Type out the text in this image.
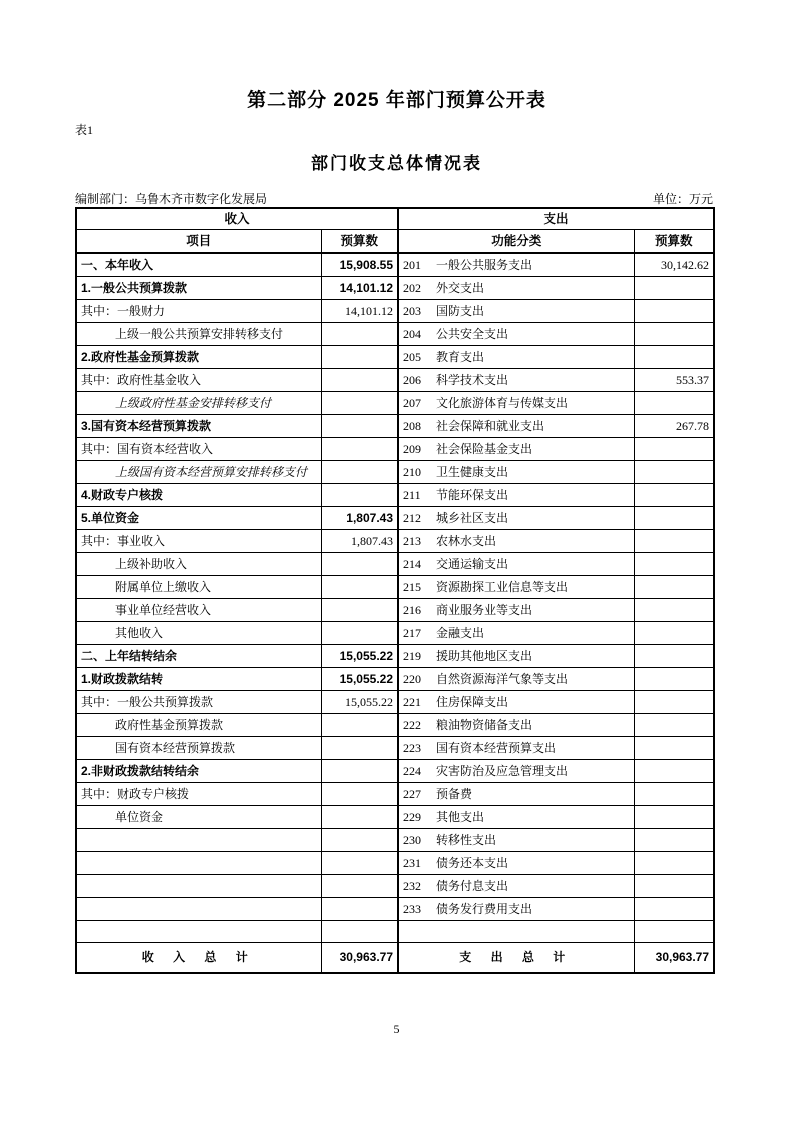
第二部分 2025 年部门预算公开表
表1
部门收支总体情况表
编制部门：乌鲁木齐市数字化发展局	单位：万元
收入		支出	
项目	预算数	功能分类	预算数
一、本年收入	15,908.55	201 一般公共服务支出	30,142.62
1.一般公共预算拨款	14,101.12	202 外交支出	
其中：一般财力	14,101.12	203 国防支出	
上级一般公共预算安排转移支付		204 公共安全支出	
2.政府性基金预算拨款		205 教育支出	
其中：政府性基金收入		206 科学技术支出	553.37
上级政府性基金安排转移支付		207 文化旅游体育与传媒支出	
3.国有资本经营预算拨款		208 社会保障和就业支出	267.78
其中：国有资本经营收入		209 社会保险基金支出	
上级国有资本经营预算安排转移支付		210 卫生健康支出	
4.财政专户核拨		211 节能环保支出	
5.单位资金	1,807.43	212 城乡社区支出	
其中：事业收入	1,807.43	213 农林水支出	
上级补助收入		214 交通运输支出	
附属单位上缴收入		215 资源勘探工业信息等支出	
事业单位经营收入		216 商业服务业等支出	
其他收入		217 金融支出	
二、上年结转结余	15,055.22	219 援助其他地区支出	
1.财政拨款结转	15,055.22	220 自然资源海洋气象等支出	
其中：一般公共预算拨款	15,055.22	221 住房保障支出	
政府性基金预算拨款		222 粮油物资储备支出	
国有资本经营预算拨款		223 国有资本经营预算支出	
2.非财政拨款结转结余		224 灾害防治及应急管理支出	
其中：财政专户核拨		227 预备费	
单位资金		229 其他支出	
		230 转移性支出	
		231 债务还本支出	
		232 债务付息支出	
		233 债务发行费用支出	

收 入 总 计	30,963.77	支 出 总 计	30,963.77
5
